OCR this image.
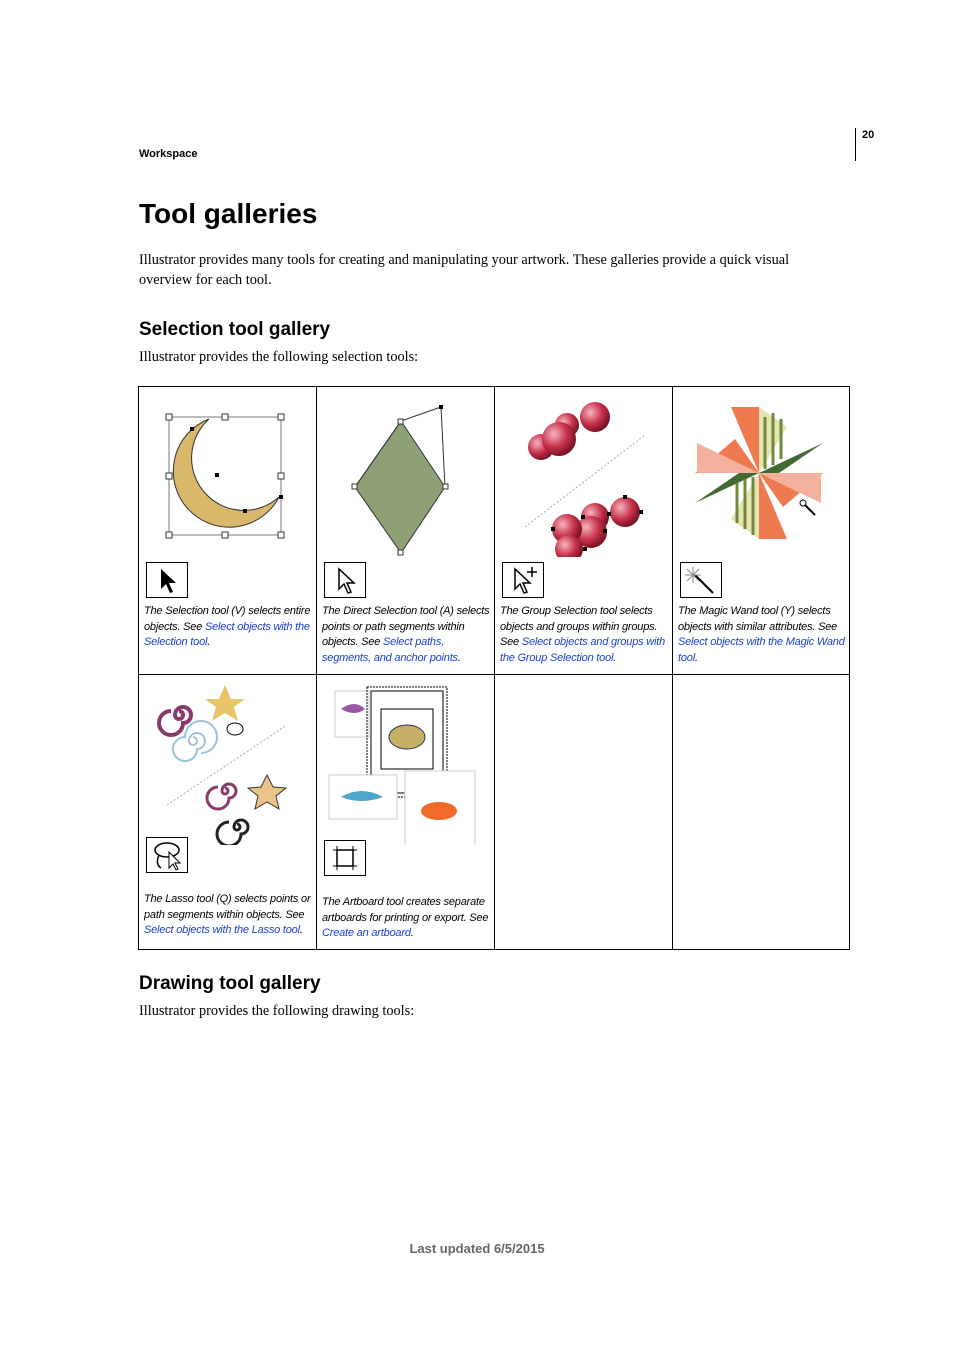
20
Workspace
Tool galleries

Illustrator provides many tools for creating and manipulating your artwork. These galleries provide a quick visual overview for each tool.

Selection tool gallery

Illustrator provides the following selection tools:

The Selection tool (V) selects entire objects. See Select objects with the Selection tool.
The Direct Selection tool (A) selects points or path segments within objects. See Select paths, segments, and anchor points.
The Group Selection tool selects objects and groups within groups. See Select objects and groups with the Group Selection tool.
The Magic Wand tool (Y) selects objects with similar attributes. See Select objects with the Magic Wand tool.
The Lasso tool (Q) selects points or path segments within objects. See Select objects with the Lasso tool.
The Artboard tool creates separate artboards for printing or export. See Create an artboard.
Drawing tool gallery

Illustrator provides the following drawing tools:

Last updated 6/5/2015
